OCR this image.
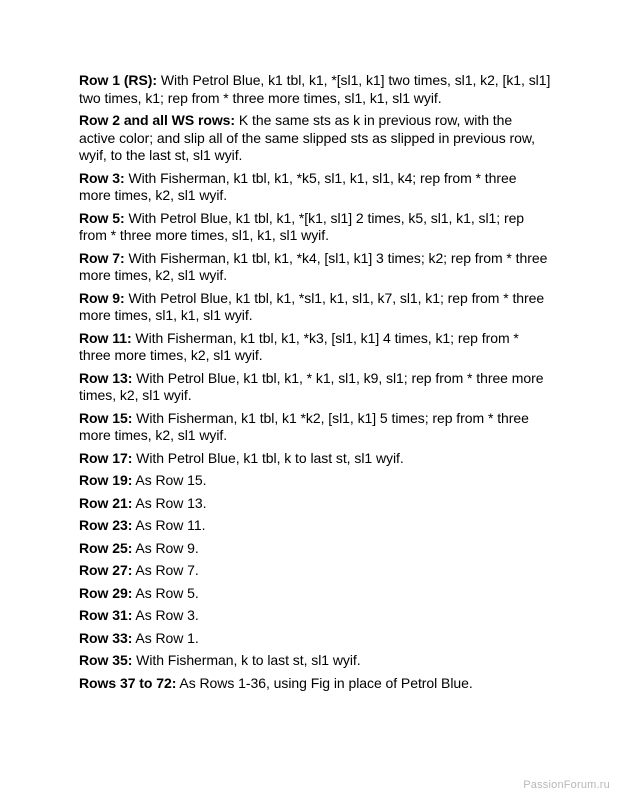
Row 1 (RS): With Petrol Blue, k1 tbl, k1, *[sl1, k1] two times, sl1, k2, [k1, sl1] two times, k1; rep from * three more times, sl1, k1, sl1 wyif.

Row 2 and all WS rows: K the same sts as k in previous row, with the active color; and slip all of the same slipped sts as slipped in previous row, wyif, to the last st, sl1 wyif.

Row 3: With Fisherman, k1 tbl, k1, *k5, sl1, k1, sl1, k4; rep from * three more times, k2, sl1 wyif.

Row 5: With Petrol Blue, k1 tbl, k1, *[k1, sl1] 2 times, k5, sl1, k1, sl1; rep from * three more times, sl1, k1, sl1 wyif.

Row 7: With Fisherman, k1 tbl, k1, *k4, [sl1, k1] 3 times; k2; rep from * three more times, k2, sl1 wyif.

Row 9: With Petrol Blue, k1 tbl, k1, *sl1, k1, sl1, k7, sl1, k1; rep from * three more times, sl1, k1, sl1 wyif.

Row 11: With Fisherman, k1 tbl, k1, *k3, [sl1, k1] 4 times, k1; rep from * three more times, k2, sl1 wyif.

Row 13: With Petrol Blue, k1 tbl, k1, * k1, sl1, k9, sl1; rep from * three more times, k2, sl1 wyif.

Row 15: With Fisherman, k1 tbl, k1 *k2, [sl1, k1] 5 times; rep from * three more times, k2, sl1 wyif.

Row 17: With Petrol Blue, k1 tbl, k to last st, sl1 wyif.

Row 19: As Row 15.

Row 21: As Row 13.

Row 23: As Row 11.

Row 25: As Row 9.

Row 27: As Row 7.

Row 29: As Row 5.

Row 31: As Row 3.

Row 33: As Row 1.

Row 35: With Fisherman, k to last st, sl1 wyif.

Rows 37 to 72: As Rows 1-36, using Fig in place of Petrol Blue.

PassionForum.ru
